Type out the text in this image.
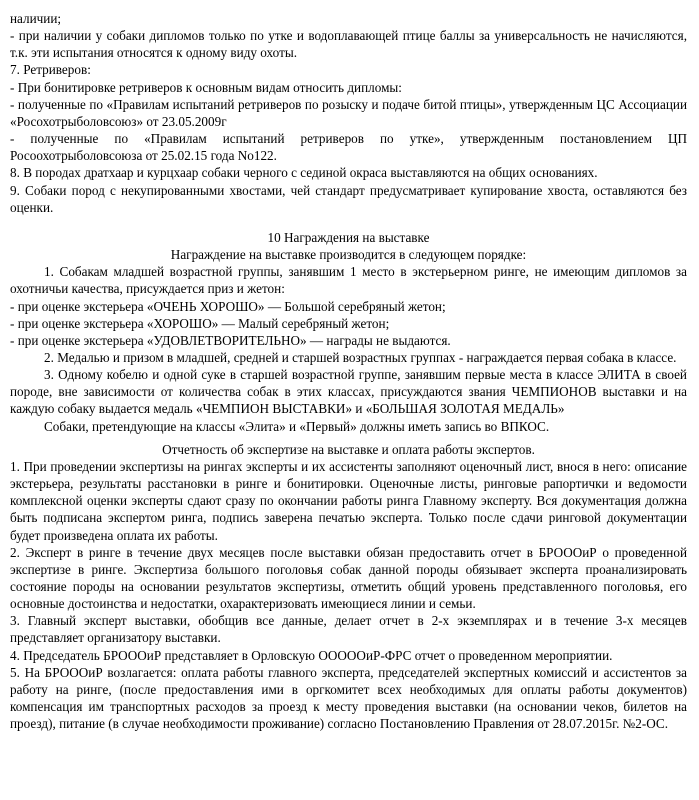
наличии;

- при наличии у собаки дипломов только по утке и водоплавающей птице баллы за универсальность не начисляются, т.к. эти испытания относятся к одному виду охоты.

7. Ретриверов:

- При бонитировке ретриверов к основным видам относить дипломы:

- полученные по «Правилам испытаний ретриверов по розыску и подаче битой птицы», утвержденным ЦС Ассоциации «Росохотрыболовсоюз» от 23.05.2009г

- полученные по «Правилам испытаний ретриверов по утке», утвержденным постановлением ЦП Росоохотрыболовсоюза от 25.02.15 года No122.

8. В породах дратхаар и курцхаар собаки черного с сединой окраса выставляются на общих основаниях.

9. Собаки пород с некупированными хвостами, чей стандарт предусматривает купирование хвоста, оставляются без оценки.

10 Награждения на выставке

Награждение на выставке производится в следующем порядке:

1. Собакам младшей возрастной группы, занявшим 1 место в экстерьерном ринге, не имеющим дипломов за охотничьи качества, присуждается приз и жетон:

- при оценке экстерьера «ОЧЕНЬ ХОРОШО» — Большой серебряный жетон;

- при оценке экстерьера «ХОРОШО» — Малый серебряный жетон;

- при оценке экстерьера «УДОВЛЕТВОРИТЕЛЬНО» — награды не выдаются.

2. Медалью и призом в младшей, средней и старшей возрастных группах - награждается первая собака в классе.

3. Одному кобелю и одной суке в старшей возрастной группе, занявшим первые места в классе ЭЛИТА в своей породе, вне зависимости от количества собак в этих классах, присуждаются звания ЧЕМПИОНОВ выставки и на каждую собаку выдается медаль «ЧЕМПИОН ВЫСТАВКИ» и «БОЛЬШАЯ ЗОЛОТАЯ МЕДАЛЬ»

Собаки, претендующие на классы «Элита» и «Первый» должны иметь запись во ВПКОС.

Отчетность об экспертизе на выставке и оплата работы экспертов.

1. При проведении экспертизы на рингах эксперты и их ассистенты заполняют оценочный лист, внося в него: описание экстерьера, результаты расстановки в ринге и бонитировки. Оценочные листы, ринговые рапортички и ведомости комплексной оценки эксперты сдают сразу по окончании работы ринга Главному эксперту. Вся документация должна быть подписана экспертом ринга, подпись заверена печатью эксперта. Только после сдачи ринговой документации будет произведена оплата их работы.

2. Эксперт в ринге в течение двух месяцев после выставки обязан предоставить отчет в БРОООиР о проведенной экспертизе в ринге. Экспертиза большого поголовья собак данной породы обязывает эксперта проанализировать состояние породы на основании результатов экспертизы, отметить общий уровень представленного поголовья, его основные достоинства и недостатки, охарактеризовать имеющиеся линии и семьи.

3. Главный эксперт выставки, обобщив все данные, делает отчет в 2-х экземплярах и в течение 3-х месяцев представляет организатору выставки.

4. Председатель БРОООиР представляет в Орловскую ОООООиР-ФРС отчет о проведенном мероприятии.

5. На БРОООиР возлагается: оплата работы главного эксперта, председателей экспертных комиссий и ассистентов за работу на ринге, (после предоставления ими в оргкомитет всех необходимых для оплаты работы документов) компенсация им транспортных расходов за проезд к месту проведения выставки (на основании чеков, билетов на проезд), питание (в случае необходимости проживание) согласно Постановлению Правления от 28.07.2015г. №2-ОС.
